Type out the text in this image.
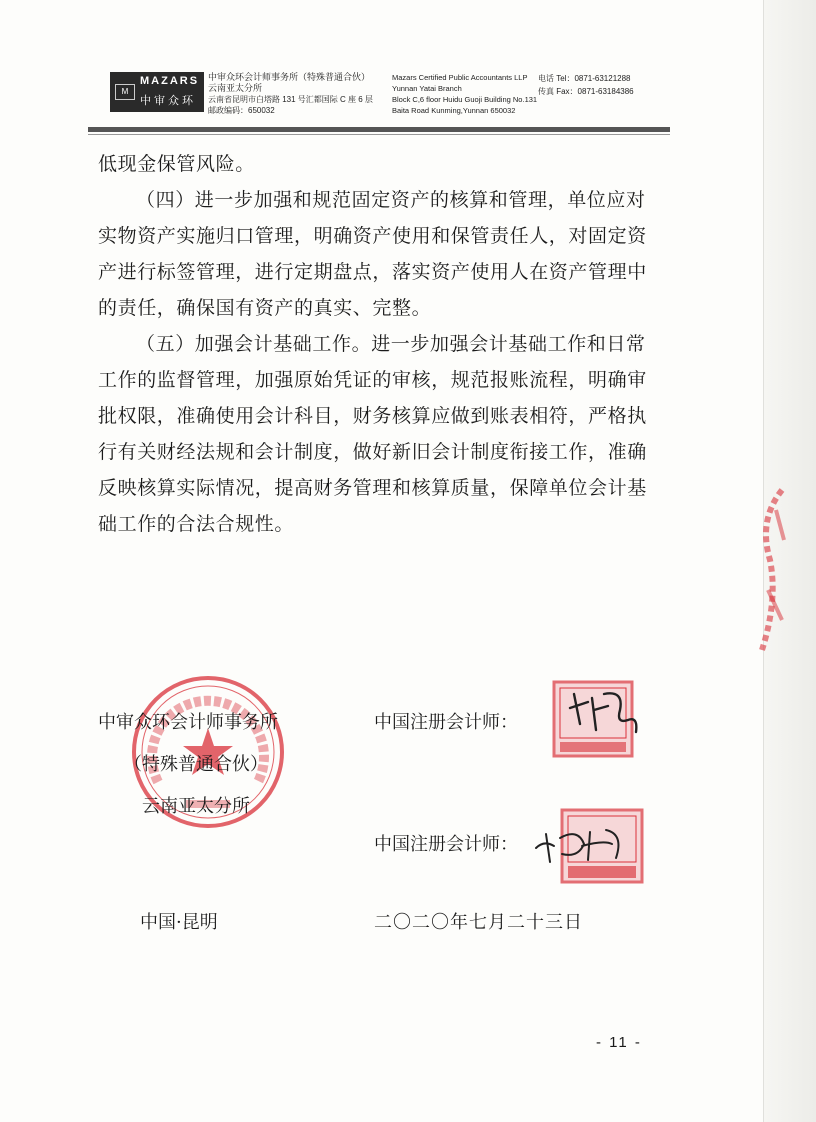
M
MAZARS
中审众环
中审众环会计师事务所（特殊普通合伙）
云南亚太分所
云南省昆明市白塔路 131 号汇都国际 C 座 6 层
邮政编码：650032
Mazars Certified Public Accountants LLP
Yunnan Yatai Branch
Block C,6 floor Huidu Guoji Building No.131
Baita Road Kunming,Yunnan 650032
电话 Tel：0871-63121288
传真 Fax：0871-63184386

低现金保管风险。

（四）进一步加强和规范固定资产的核算和管理，单位应对实物资产实施归口管理，明确资产使用和保管责任人，对固定资产进行标签管理，进行定期盘点，落实资产使用人在资产管理中的责任，确保国有资产的真实、完整。

（五）加强会计基础工作。进一步加强会计基础工作和日常工作的监督管理，加强原始凭证的审核，规范报账流程，明确审批权限，准确使用会计科目，财务核算应做到账表相符，严格执行有关财经法规和会计制度，做好新旧会计制度衔接工作，准确反映核算实际情况，提高财务管理和核算质量，保障单位会计基础工作的合法合规性。

中审众环会计师事务所
（特殊普通合伙）
云南亚太分所
中国注册会计师：
中国注册会计师：
中国·昆明	二〇二〇年七月二十三日
- 11 -
